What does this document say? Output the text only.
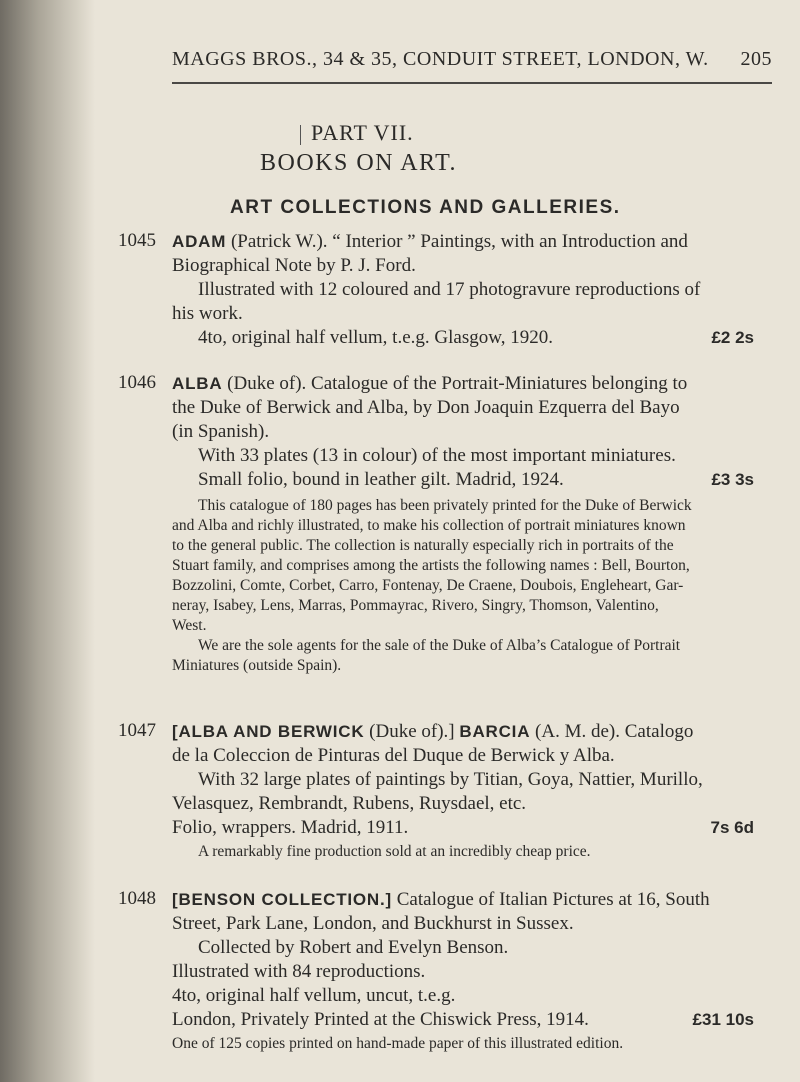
MAGGS BROS., 34 & 35, CONDUIT STREET, LONDON, W. 205
PART VII.
BOOKS ON ART.
ART COLLECTIONS AND GALLERIES.
1045 ADAM (Patrick W.). “ Interior ” Paintings, with an Introduction and
Biographical Note by P. J. Ford.
Illustrated with 12 coloured and 17 photogravure reproductions of
his work.
4to, original half vellum, t.e.g. Glasgow, 1920.	£2 2s
1046 ALBA (Duke of). Catalogue of the Portrait-Miniatures belonging to
the Duke of Berwick and Alba, by Don Joaquin Ezquerra del Bayo
(in Spanish).
With 33 plates (13 in colour) of the most important miniatures.
Small folio, bound in leather gilt. Madrid, 1924.	£3 3s
This catalogue of 180 pages has been privately printed for the Duke of Berwick
and Alba and richly illustrated, to make his collection of portrait miniatures known
to the general public. The collection is naturally especially rich in portraits of the
Stuart family, and comprises among the artists the following names : Bell, Bourton,
Bozzolini, Comte, Corbet, Carro, Fontenay, De Craene, Doubois, Engleheart, Gar-
neray, Isabey, Lens, Marras, Pommayrac, Rivero, Singry, Thomson, Valentino,
West.
We are the sole agents for the sale of the Duke of Alba’s Catalogue of Portrait
Miniatures (outside Spain).
1047 [ALBA AND BERWICK (Duke of).] BARCIA (A. M. de). Catalogo
de la Coleccion de Pinturas del Duque de Berwick y Alba.
With 32 large plates of paintings by Titian, Goya, Nattier, Murillo,
Velasquez, Rembrandt, Rubens, Ruysdael, etc.
Folio, wrappers. Madrid, 1911.	7s 6d
A remarkably fine production sold at an incredibly cheap price.
1048 [BENSON COLLECTION.] Catalogue of Italian Pictures at 16, South
Street, Park Lane, London, and Buckhurst in Sussex.
Collected by Robert and Evelyn Benson.
Illustrated with 84 reproductions.
4to, original half vellum, uncut, t.e.g.
London, Privately Printed at the Chiswick Press, 1914.	£31 10s
One of 125 copies printed on hand-made paper of this illustrated edition.
